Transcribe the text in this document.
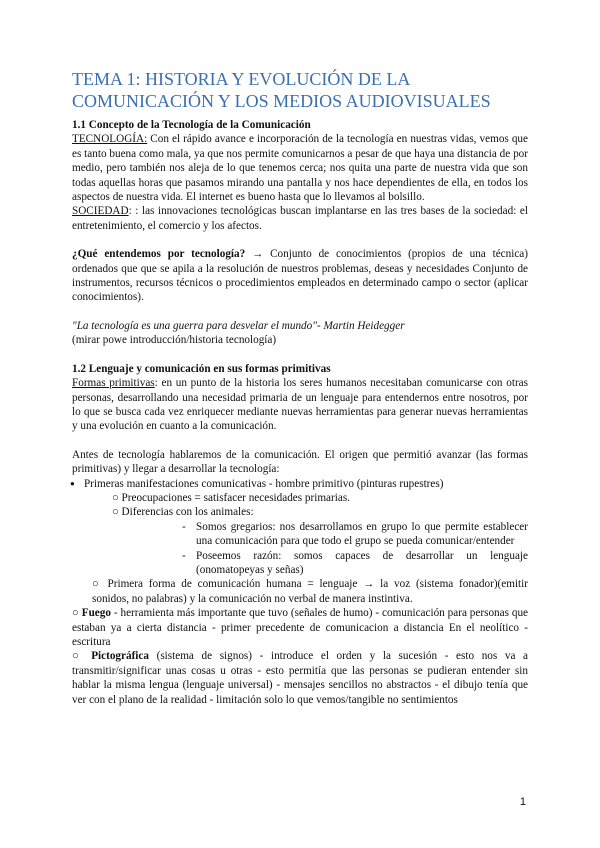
TEMA 1: HISTORIA Y EVOLUCIÓN DE LA
COMUNICACIÓN Y LOS MEDIOS AUDIOVISUALES

1.1 Concepto de la Tecnología de la Comunicación

TECNOLOGÍA: Con el rápido avance e incorporación de la tecnología en nuestras vidas, vemos que es tanto buena como mala, ya que nos permite comunicarnos a pesar de que haya una distancia de por medio, pero también nos aleja de lo que tenemos cerca; nos quita una parte de nuestra vida que son todas aquellas horas que pasamos mirando una pantalla y nos hace dependientes de ella, en todos los aspectos de nuestra vida. El internet es bueno hasta que lo llevamos al bolsillo.

SOCIEDAD: : las innovaciones tecnológicas buscan implantarse en las tres bases de la sociedad: el entretenimiento, el comercio y los afectos.

¿Qué entendemos por tecnología? → Conjunto de conocimientos (propios de una técnica) ordenados que que se apila a la resolución de nuestros problemas, deseas y necesidades Conjunto de instrumentos, recursos técnicos o procedimientos empleados en determinado campo o sector (aplicar conocimientos).

"La tecnología es una guerra para desvelar el mundo"- Martin Heidegger

(mirar powe introducción/historia tecnología)

1.2 Lenguaje y comunicación en sus formas primitivas

Formas primitivas: en un punto de la historia los seres humanos necesitaban comunicarse con otras personas, desarrollando una necesidad primaria de un lenguaje para entendernos entre nosotros, por lo que se busca cada vez enriquecer mediante nuevas herramientas para generar nuevas herramientas y una evolución en cuanto a la comunicación.

Antes de tecnología hablaremos de la comunicación. El origen que permitió avanzar (las formas primitivas) y llegar a desarrollar la tecnología:

● Primeras manifestaciones comunicativas - hombre primitivo (pinturas rupestres)
○ Preocupaciones = satisfacer necesidades primarias.
○ Diferencias con los animales:
- Somos gregarios: nos desarrollamos en grupo lo que permite establecer una comunicación para que todo el grupo se pueda comunicar/entender
- Poseemos razón: somos capaces de desarrollar un lenguaje (onomatopeyas y señas)
○ Primera forma de comunicación humana = lenguaje → la voz (sistema fonador)(emitir sonidos, no palabras) y la comunicación no verbal de manera instintiva.

○ Fuego - herramienta más importante que tuvo (señales de humo) - comunicación para personas que estaban ya a cierta distancia - primer precedente de comunicacion a distancia En el neolítico - escritura

○ Pictográfica (sistema de signos) - introduce el orden y la sucesión - esto nos va a transmitir/significar unas cosas u otras - esto permitía que las personas se pudieran entender sin hablar la misma lengua (lenguaje universal) - mensajes sencillos no abstractos - el dibujo tenía que ver con el plano de la realidad - limitación solo lo que vemos/tangible no sentimientos

1
